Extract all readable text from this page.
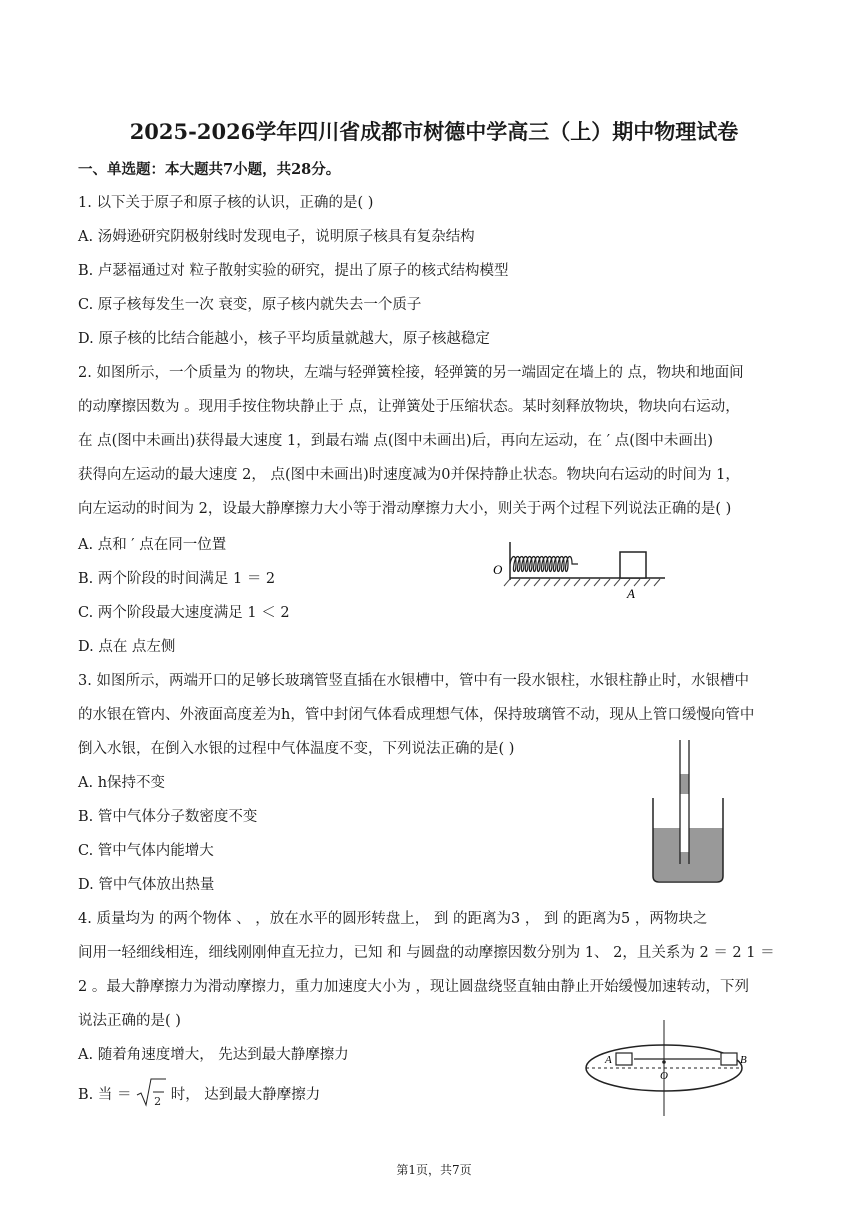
2025-2026学年四川省成都市树德中学高三（上）期中物理试卷
一、单选题：本大题共7小题，共28分。
1. 以下关于原子和原子核的认识，正确的是( )
A. 汤姆逊研究阴极射线时发现电子，说明原子核具有复杂结构
B. 卢瑟福通过对 粒子散射实验的研究，提出了原子的核式结构模型
C. 原子核每发生一次 衰变，原子核内就失去一个质子
D. 原子核的比结合能越小，核子平均质量就越大，原子核越稳定
2. 如图所示，一个质量为 的物块，左端与轻弹簧栓接，轻弹簧的另一端固定在墙上的 点，物块和地面间
的动摩擦因数为 。现用手按住物块静止于 点，让弹簧处于压缩状态。某时刻释放物块，物块向右运动，
在 点(图中未画出)获得最大速度 1，到最右端 点(图中未画出)后，再向左运动，在 ′ 点(图中未画出)
获得向左运动的最大速度 2， 点(图中未画出)时速度减为0并保持静止状态。物块向右运动的时间为 1，
向左运动的时间为 2，设最大静摩擦力大小等于滑动摩擦力大小，则关于两个过程下列说法正确的是( )
A. 点和 ′ 点在同一位置
B. 两个阶段的时间满足 1 ＝ 2
C. 两个阶段最大速度满足 1 ＜ 2
D. 点在 点左侧
O
A
3. 如图所示，两端开口的足够长玻璃管竖直插在水银槽中，管中有一段水银柱，水银柱静止时，水银槽中
的水银在管内、外液面高度差为h，管中封闭气体看成理想气体，保持玻璃管不动，现从上管口缓慢向管中
倒入水银，在倒入水银的过程中气体温度不变，下列说法正确的是( )
A. h保持不变
B. 管中气体分子数密度不变
C. 管中气体内能增大
D. 管中气体放出热量
4. 质量均为 的两个物体 、 ，放在水平的圆形转盘上， 到 的距离为3 ， 到 的距离为5 ，两物块之
间用一轻细线相连，细线刚刚伸直无拉力，已知 和 与圆盘的动摩擦因数分别为 1、 2，且关系为 2 ＝ 2 1 ＝
2 。最大静摩擦力为滑动摩擦力，重力加速度大小为 ，现让圆盘绕竖直轴由静止开始缓慢加速转动，下列
说法正确的是( )
A. 随着角速度增大， 先达到最大静摩擦力
B. 当 ＝ 2 时， 达到最大静摩擦力
A	B
O
第1页，共7页
